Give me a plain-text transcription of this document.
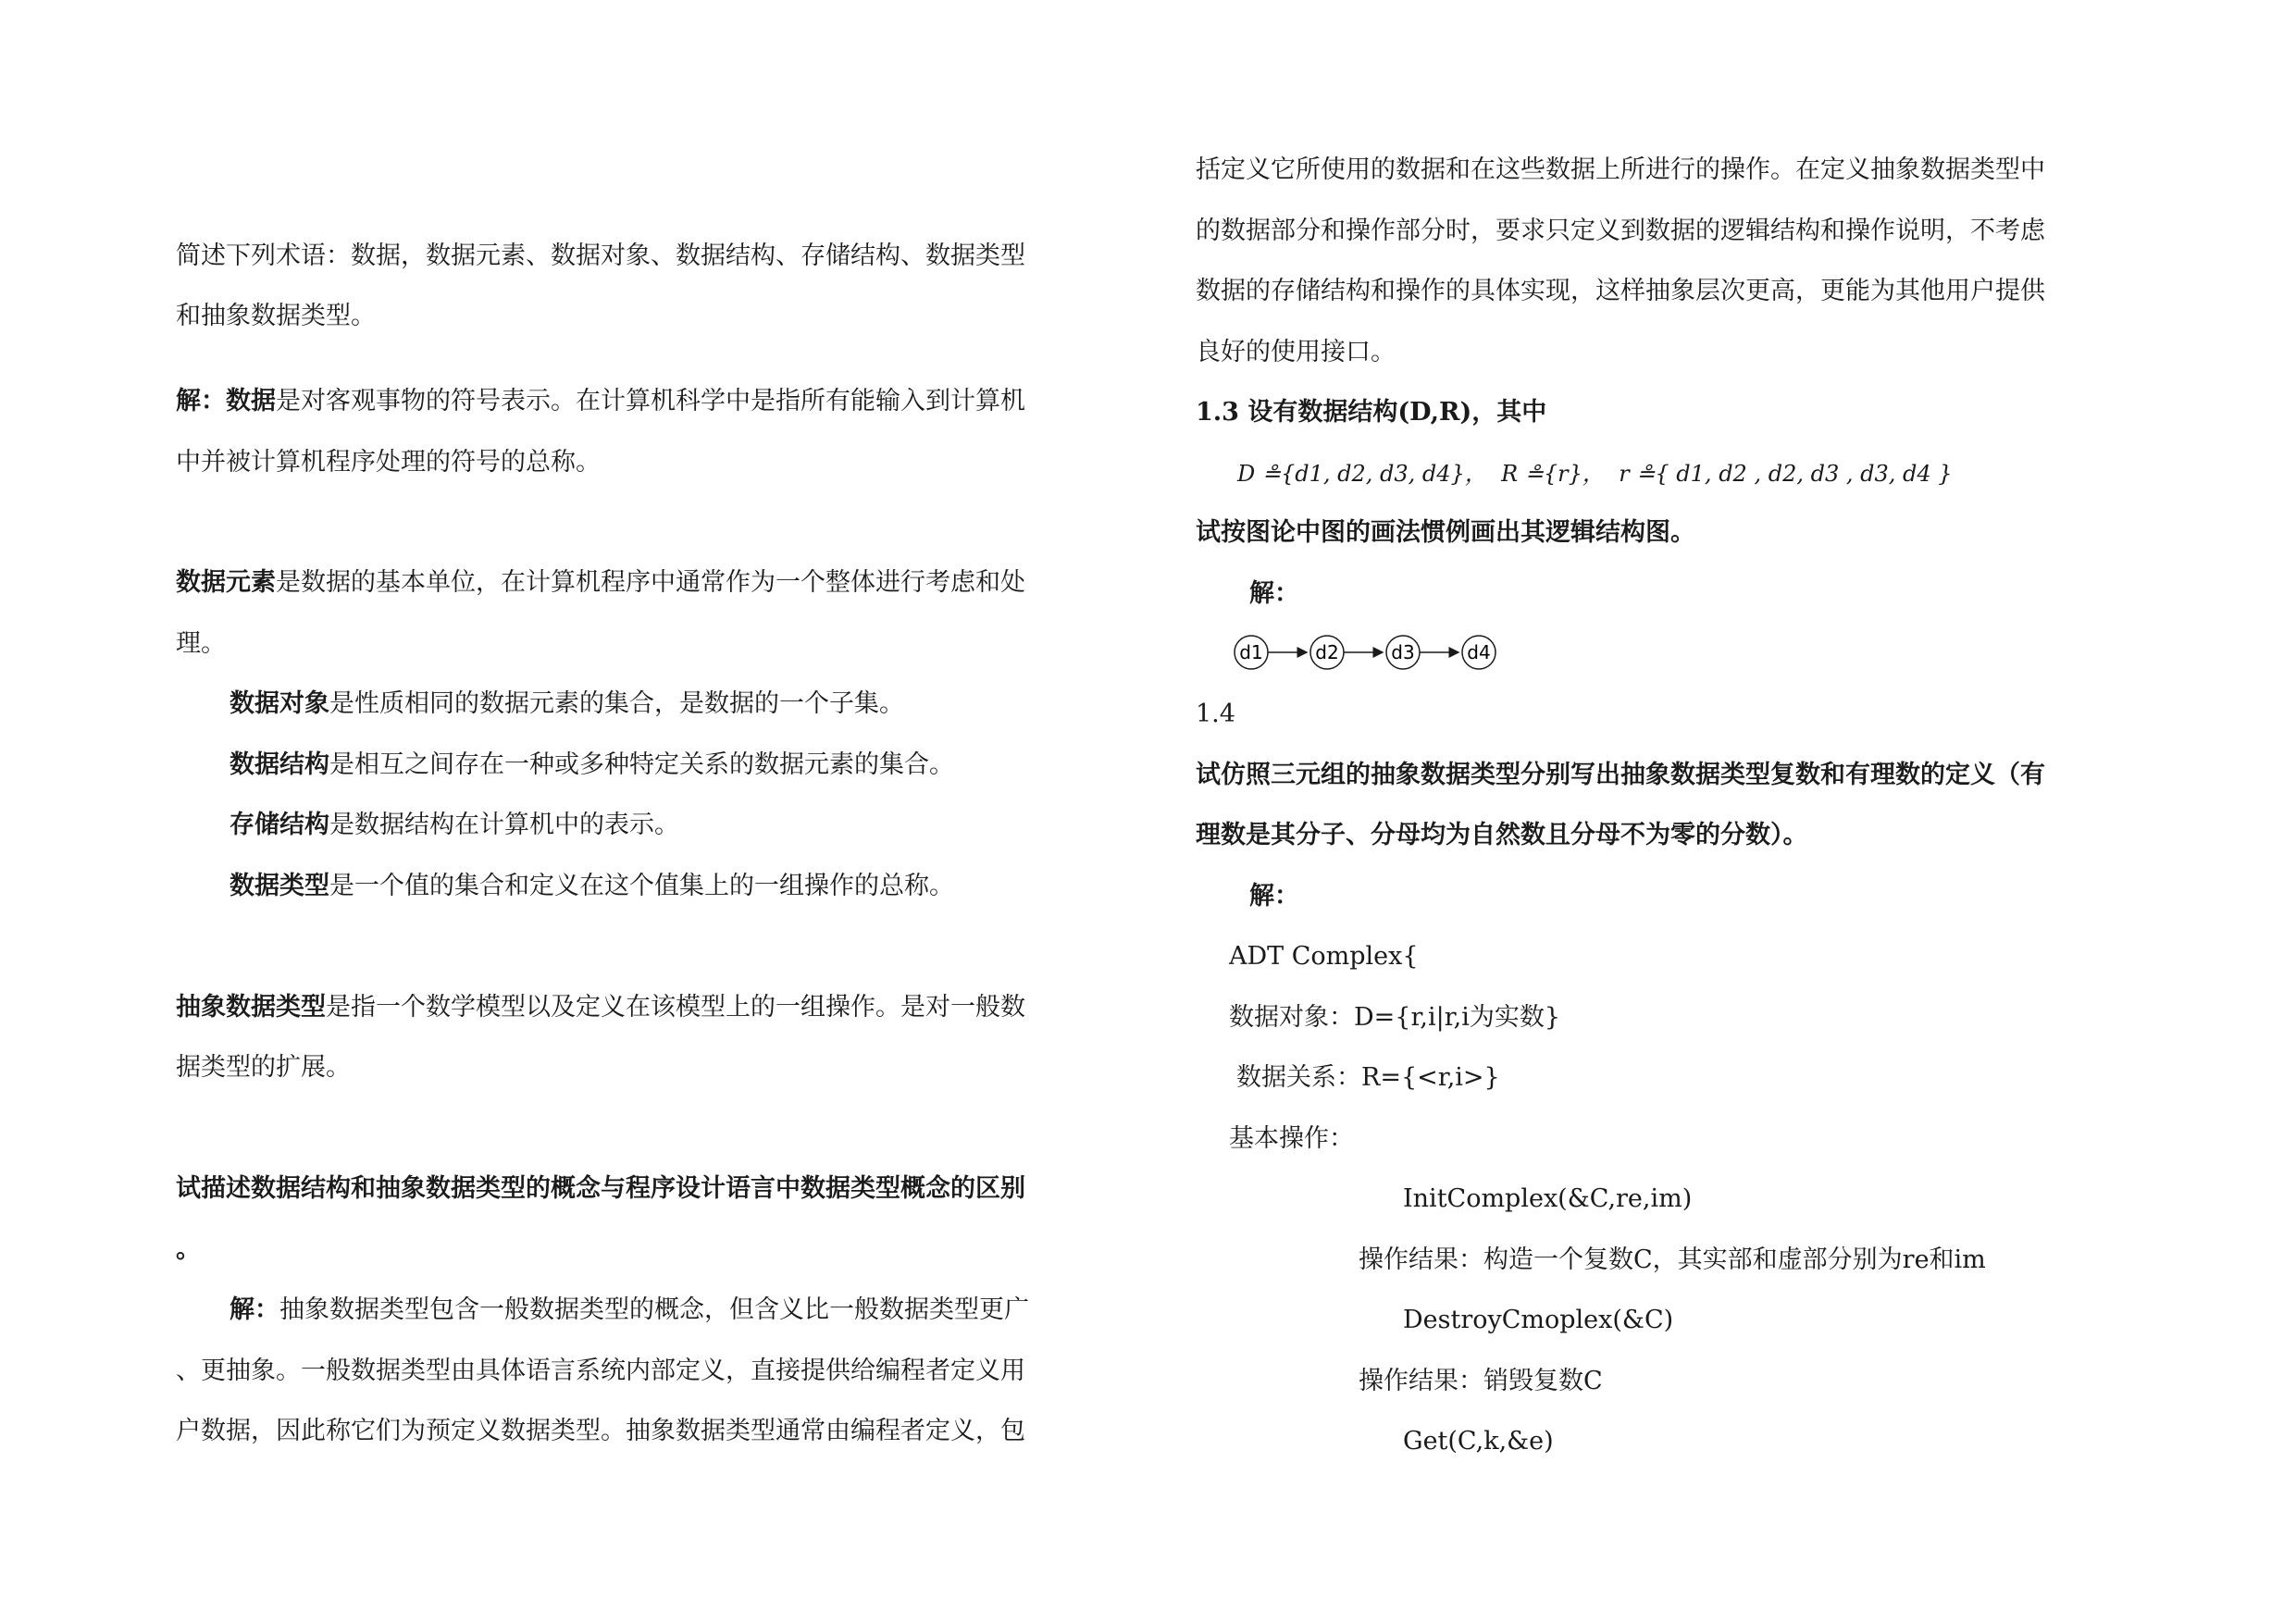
简述下列术语：数据，数据元素、数据对象、数据结构、存储结构、数据类型
和抽象数据类型。
解：数据是对客观事物的符号表示。在计算机科学中是指所有能输入到计算机
中并被计算机程序处理的符号的总称。
数据元素是数据的基本单位，在计算机程序中通常作为一个整体进行考虑和处
理。
数据对象是性质相同的数据元素的集合，是数据的一个子集。
数据结构是相互之间存在一种或多种特定关系的数据元素的集合。
存储结构是数据结构在计算机中的表示。
数据类型是一个值的集合和定义在这个值集上的一组操作的总称。
抽象数据类型是指一个数学模型以及定义在该模型上的一组操作。是对一般数
据类型的扩展。
试描述数据结构和抽象数据类型的概念与程序设计语言中数据类型概念的区别
。
解：抽象数据类型包含一般数据类型的概念，但含义比一般数据类型更广
、更抽象。一般数据类型由具体语言系统内部定义，直接提供给编程者定义用
户数据，因此称它们为预定义数据类型。抽象数据类型通常由编程者定义，包
括定义它所使用的数据和在这些数据上所进行的操作。在定义抽象数据类型中
的数据部分和操作部分时，要求只定义到数据的逻辑结构和操作说明，不考虑
数据的存储结构和操作的具体实现，这样抽象层次更高，更能为其他用户提供
良好的使用接口。
1.3 设有数据结构(D,R)，其中
D ≗{d1, d2, d3, d4}， R ≗{r}， r ≗{ d1, d2 , d2, d3 , d3, d4 }
试按图论中图的画法惯例画出其逻辑结构图。
解：
d1	d2	d3	d4
1.4
试仿照三元组的抽象数据类型分别写出抽象数据类型复数和有理数的定义（有
理数是其分子、分母均为自然数且分母不为零的分数）。
解：
ADT Complex{
数据对象：D={r,i|r,i为实数}
数据关系：R={<r,i>}
基本操作：
InitComplex(&C,re,im)
操作结果：构造一个复数C，其实部和虚部分别为re和im
DestroyCmoplex(&C)
操作结果：销毁复数C
Get(C,k,&e)
